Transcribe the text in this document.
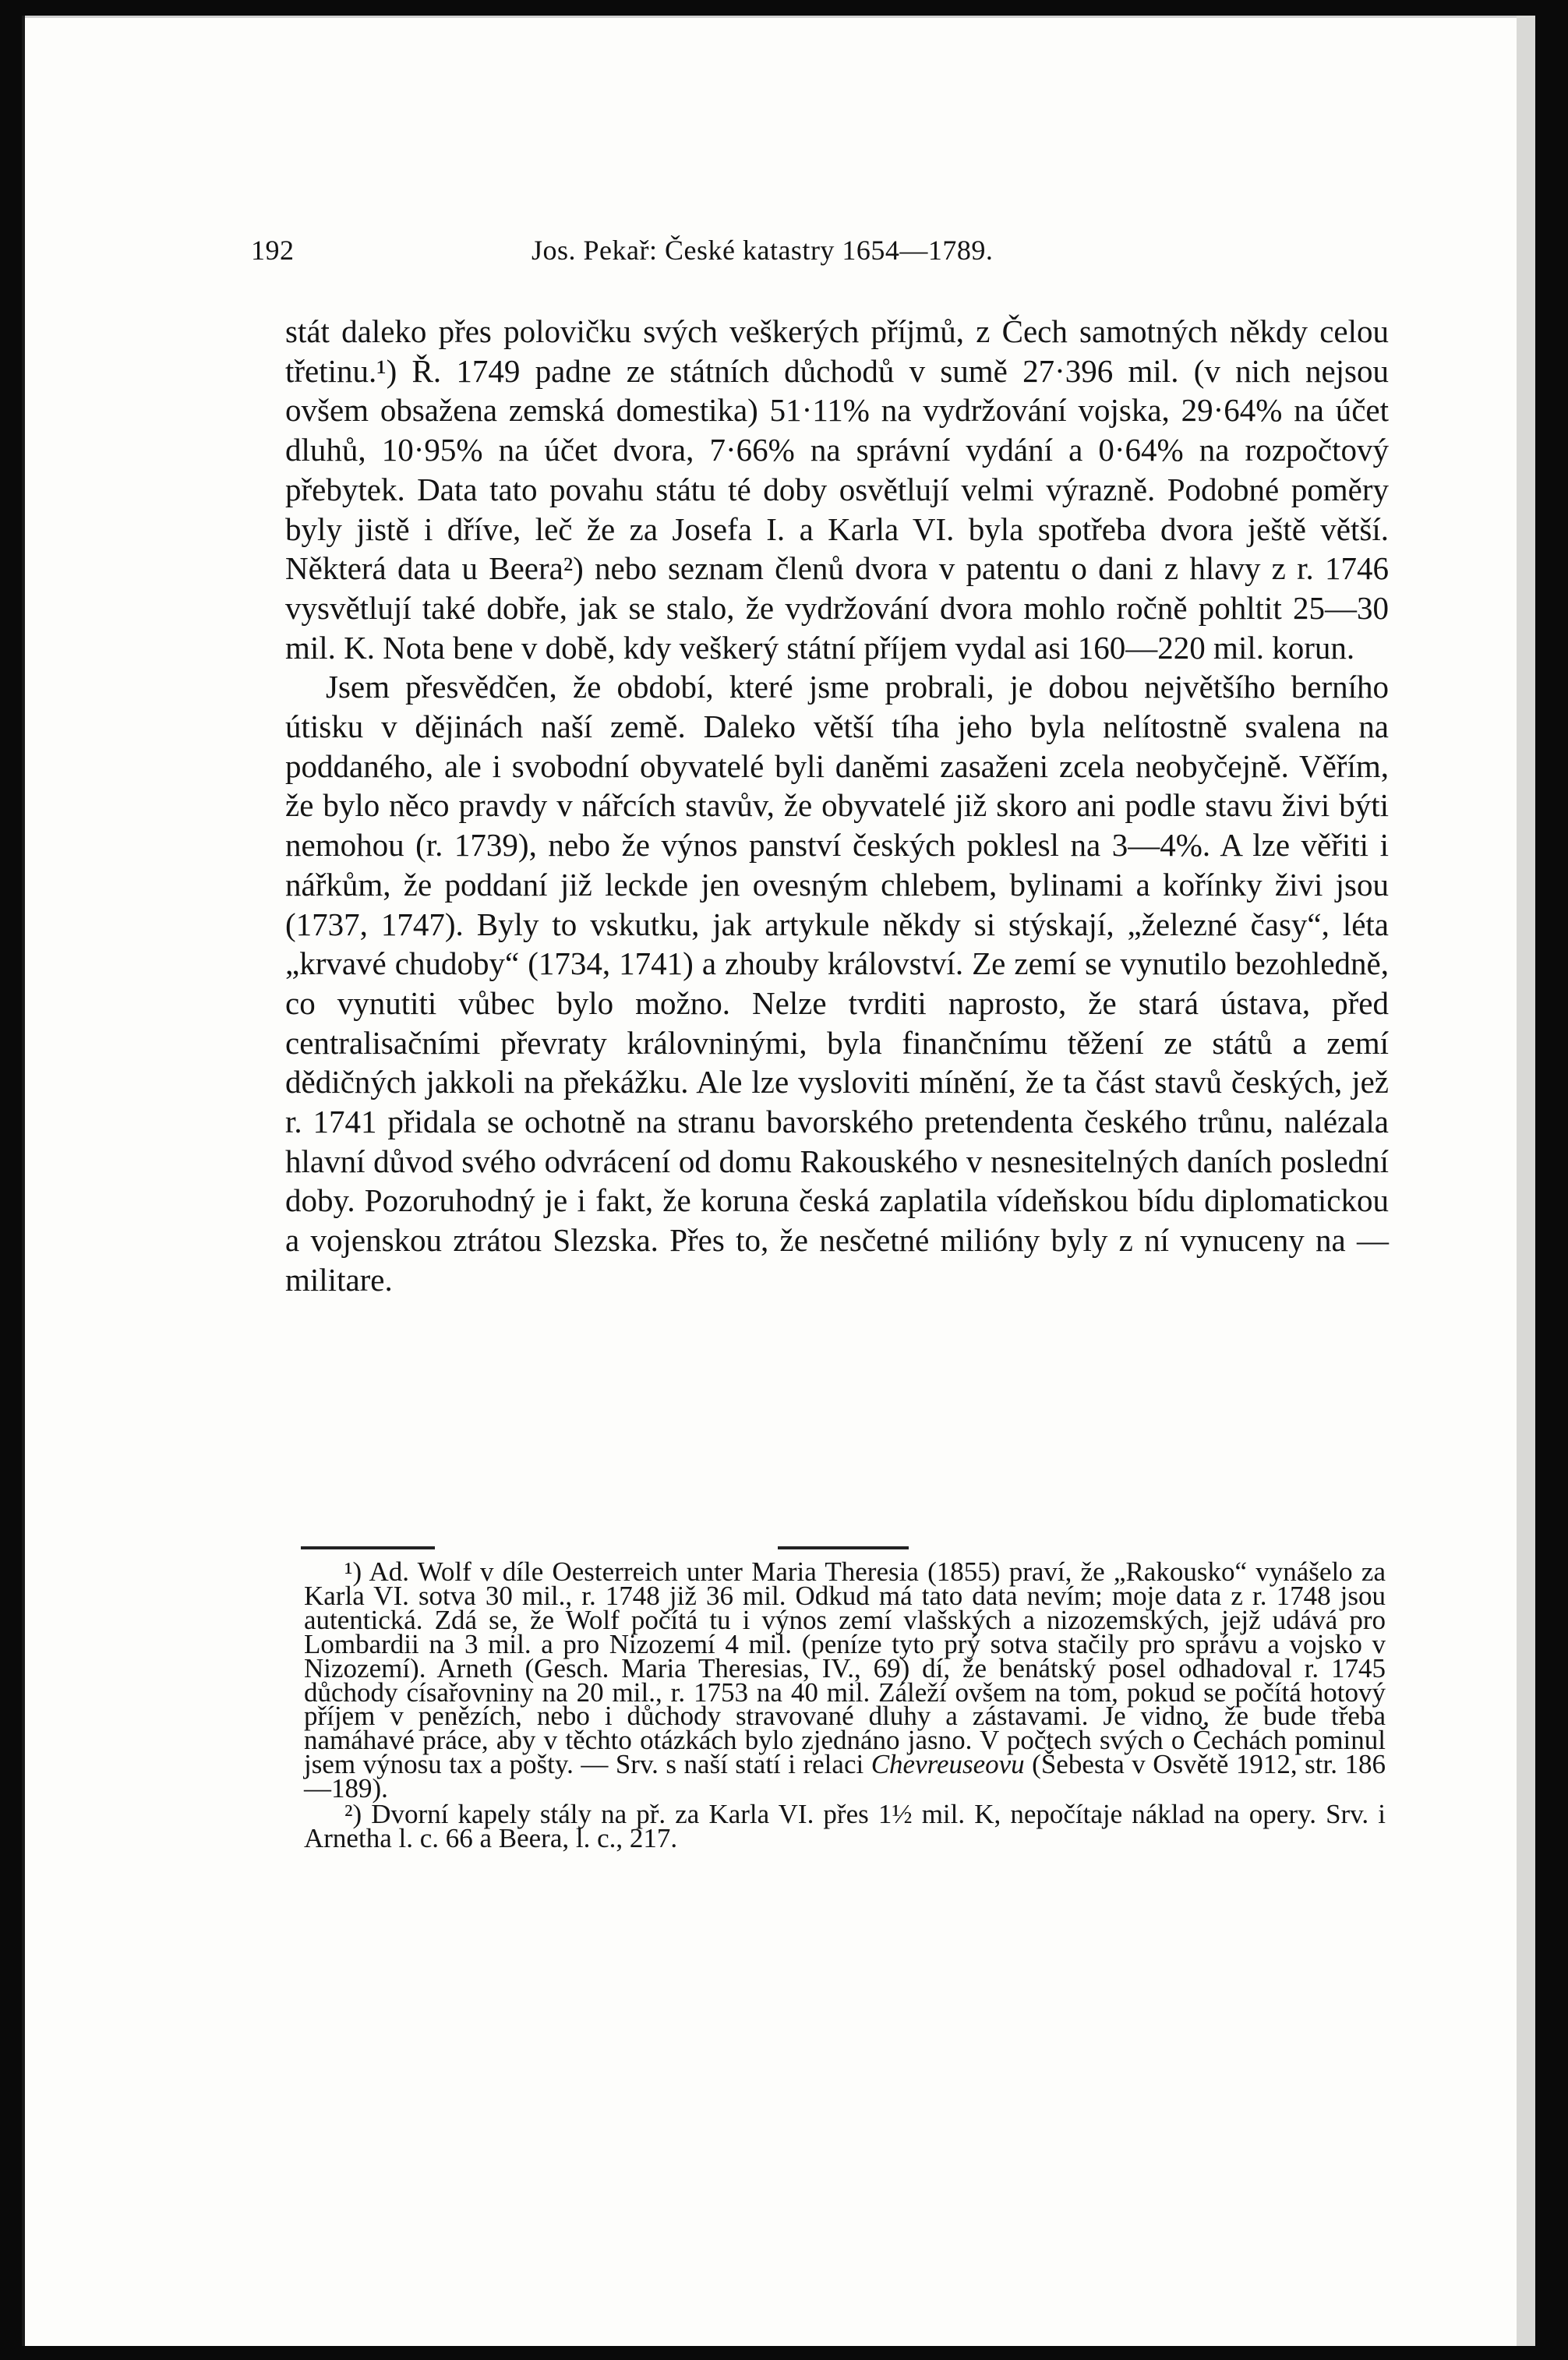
192	Jos. Pekař: České katastry 1654—1789.

stát daleko přes polovičku svých veškerých příjmů, z Čech samotných někdy celou třetinu.¹) Ř. 1749 padne ze státních důchodů v sumě 27·396 mil. (v nich nejsou ovšem obsažena zemská domestika) 51·11% na vydržování vojska, 29·64% na účet dluhů, 10·95% na účet dvora, 7·66% na správní vydání a 0·64% na rozpočtový přebytek. Data tato povahu státu té doby osvětlují velmi výrazně. Podobné poměry byly jistě i dříve, leč že za Josefa I. a Karla VI. byla spotřeba dvora ještě větší. Některá data u Beera²) nebo seznam členů dvora v patentu o dani z hlavy z r. 1746 vysvětlují také dobře, jak se stalo, že vydržování dvora mohlo ročně pohltit 25—30 mil. K. Nota bene v době, kdy veškerý státní příjem vydal asi 160—220 mil. korun.

Jsem přesvědčen, že období, které jsme probrali, je dobou největšího berního útisku v dějinách naší země. Daleko větší tíha jeho byla nelítostně svalena na poddaného, ale i svobodní obyvatelé byli daněmi zasaženi zcela neobyčejně. Věřím, že bylo něco pravdy v nářcích stavův, že obyvatelé již skoro ani podle stavu živi býti nemohou (r. 1739), nebo že výnos panství českých poklesl na 3—4%. A lze věřiti i nářkům, že poddaní již leckde jen ovesným chlebem, bylinami a kořínky živi jsou (1737, 1747). Byly to vskutku, jak artykule někdy si stýskají, „železné časy“, léta „krvavé chudoby“ (1734, 1741) a zhouby království. Ze zemí se vynutilo bezohledně, co vynutiti vůbec bylo možno. Nelze tvrditi naprosto, že stará ústava, před centralisačními převraty královninými, byla finančnímu těžení ze států a zemí dědičných jakkoli na překážku. Ale lze vysloviti mínění, že ta část stavů českých, jež r. 1741 přidala se ochotně na stranu bavorského pretendenta českého trůnu, nalézala hlavní důvod svého odvrácení od domu Rakouského v nesnesitelných daních poslední doby. Pozoruhodný je i fakt, že koruna česká zaplatila vídeňskou bídu diplomatickou a vojenskou ztrátou Slezska. Přes to, že nesčetné milióny byly z ní vynuceny na — militare.

¹) Ad. Wolf v díle Oesterreich unter Maria Theresia (1855) praví, že „Rakousko“ vynášelo za Karla VI. sotva 30 mil., r. 1748 již 36 mil. Odkud má tato data nevím; moje data z r. 1748 jsou autentická. Zdá se, že Wolf počítá tu i výnos zemí vlašských a nizozemských, jejž udává pro Lombardii na 3 mil. a pro Nizozemí 4 mil. (peníze tyto prý sotva stačily pro správu a vojsko v Nizozemí). Arneth (Gesch. Maria Theresias, IV., 69) dí, že benátský posel odhadoval r. 1745 důchody císařovniny na 20 mil., r. 1753 na 40 mil. Záleží ovšem na tom, pokud se počítá hotový příjem v penězích, nebo i důchody stravované dluhy a zástavami. Je vidno, že bude třeba namáhavé práce, aby v těchto otázkách bylo zjednáno jasno. V počtech svých o Čechách pominul jsem výnosu tax a pošty. — Srv. s naší statí i relaci Chevreuseovu (Šebesta v Osvětě 1912, str. 186—189).

²) Dvorní kapely stály na př. za Karla VI. přes 1½ mil. K, nepočítaje náklad na opery. Srv. i Arnetha l. c. 66 a Beera, l. c., 217.
